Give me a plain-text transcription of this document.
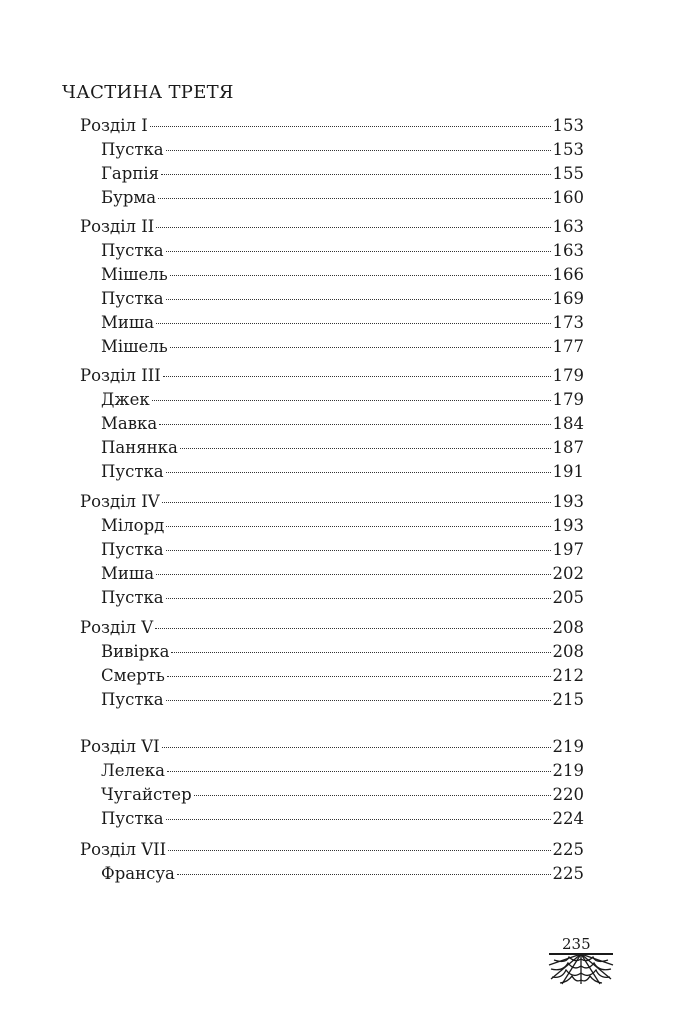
ЧАСТИНА ТРЕТЯ
Розділ I	153
Пустка	153
Гарпія	155
Бурма	160
Розділ II	163
Пустка	163
Мішель	166
Пустка	169
Миша	173
Мішель	177
Розділ III	179
Джек	179
Мавка	184
Панянка	187
Пустка	191
Розділ IV	193
Мілорд	193
Пустка	197
Миша	202
Пустка	205
Розділ V	208
Вивірка	208
Смерть	212
Пустка	215
Розділ VI	219
Лелека	219
Чугайстер	220
Пустка	224
Розділ VII	225
Франсуа	225
235
